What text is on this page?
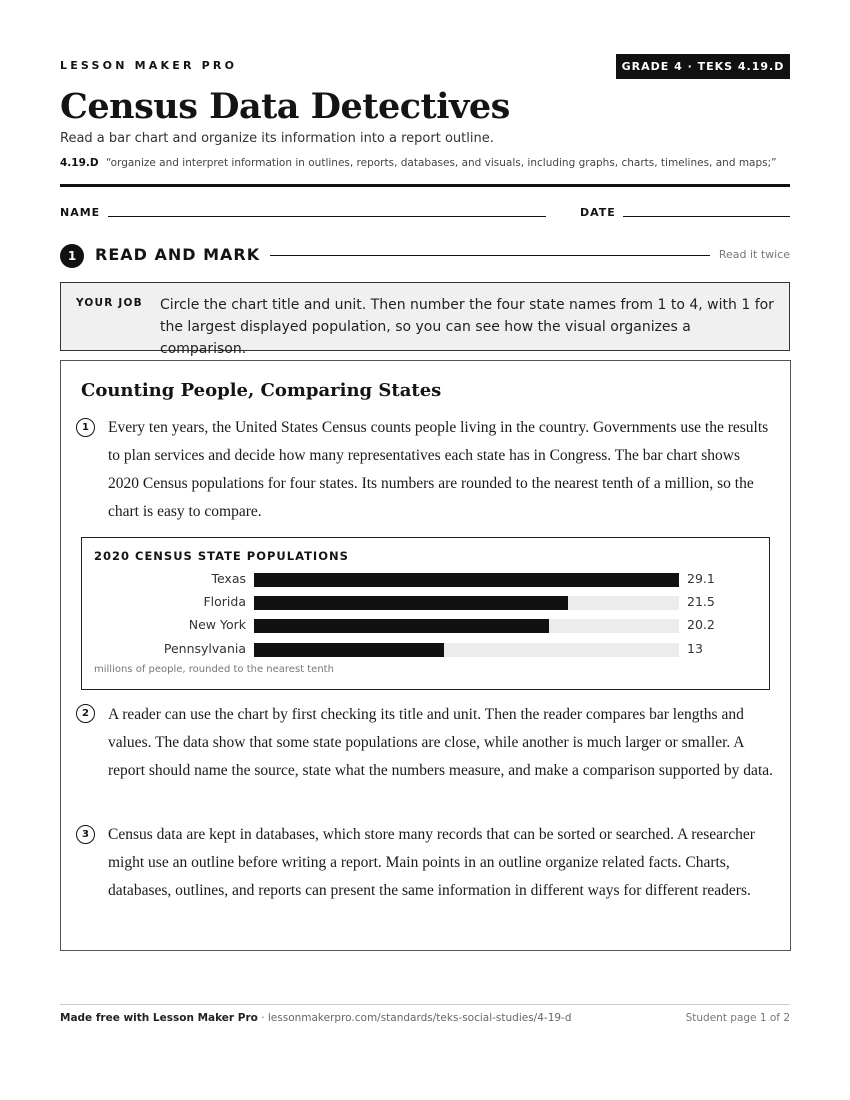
LESSON MAKER PRO	GRADE 4 · TEKS 4.19.D
Census Data Detectives
Read a bar chart and organize its information into a report outline.
4.19.D “organize and interpret information in outlines, reports, databases, and visuals, including graphs, charts, timelines, and maps;”
NAME	DATE
1	READ AND MARK	Read it twice
YOUR JOB Circle the chart title and unit. Then number the four state names from 1 to 4, with 1 for the largest displayed population, so you can see how the visual organizes a comparison.
Counting People, Comparing States
1	Every ten years, the United States Census counts people living in the country. Governments use the results to plan services and decide how many representatives each state has in Congress. The bar chart shows 2020 Census populations for four states. Its numbers are rounded to the nearest tenth of a million, so the chart is easy to compare.

2020 CENSUS STATE POPULATIONS
Texas	29.1
Florida	21.5
New York	20.2
Pennsylvania	13
millions of people, rounded to the nearest tenth
2	A reader can use the chart by first checking its title and unit. Then the reader compares bar lengths and values. The data show that some state populations are close, while another is much larger or smaller. A report should name the source, state what the numbers measure, and make a comparison supported by data.

3	Census data are kept in databases, which store many records that can be sorted or searched. A researcher might use an outline before writing a report. Main points in an outline organize related facts. Charts, databases, outlines, and reports can present the same information in different ways for different readers.

Made free with Lesson Maker Pro · lessonmakerpro.com/standards/teks-social-studies/4-19-d	Student page 1 of 2
